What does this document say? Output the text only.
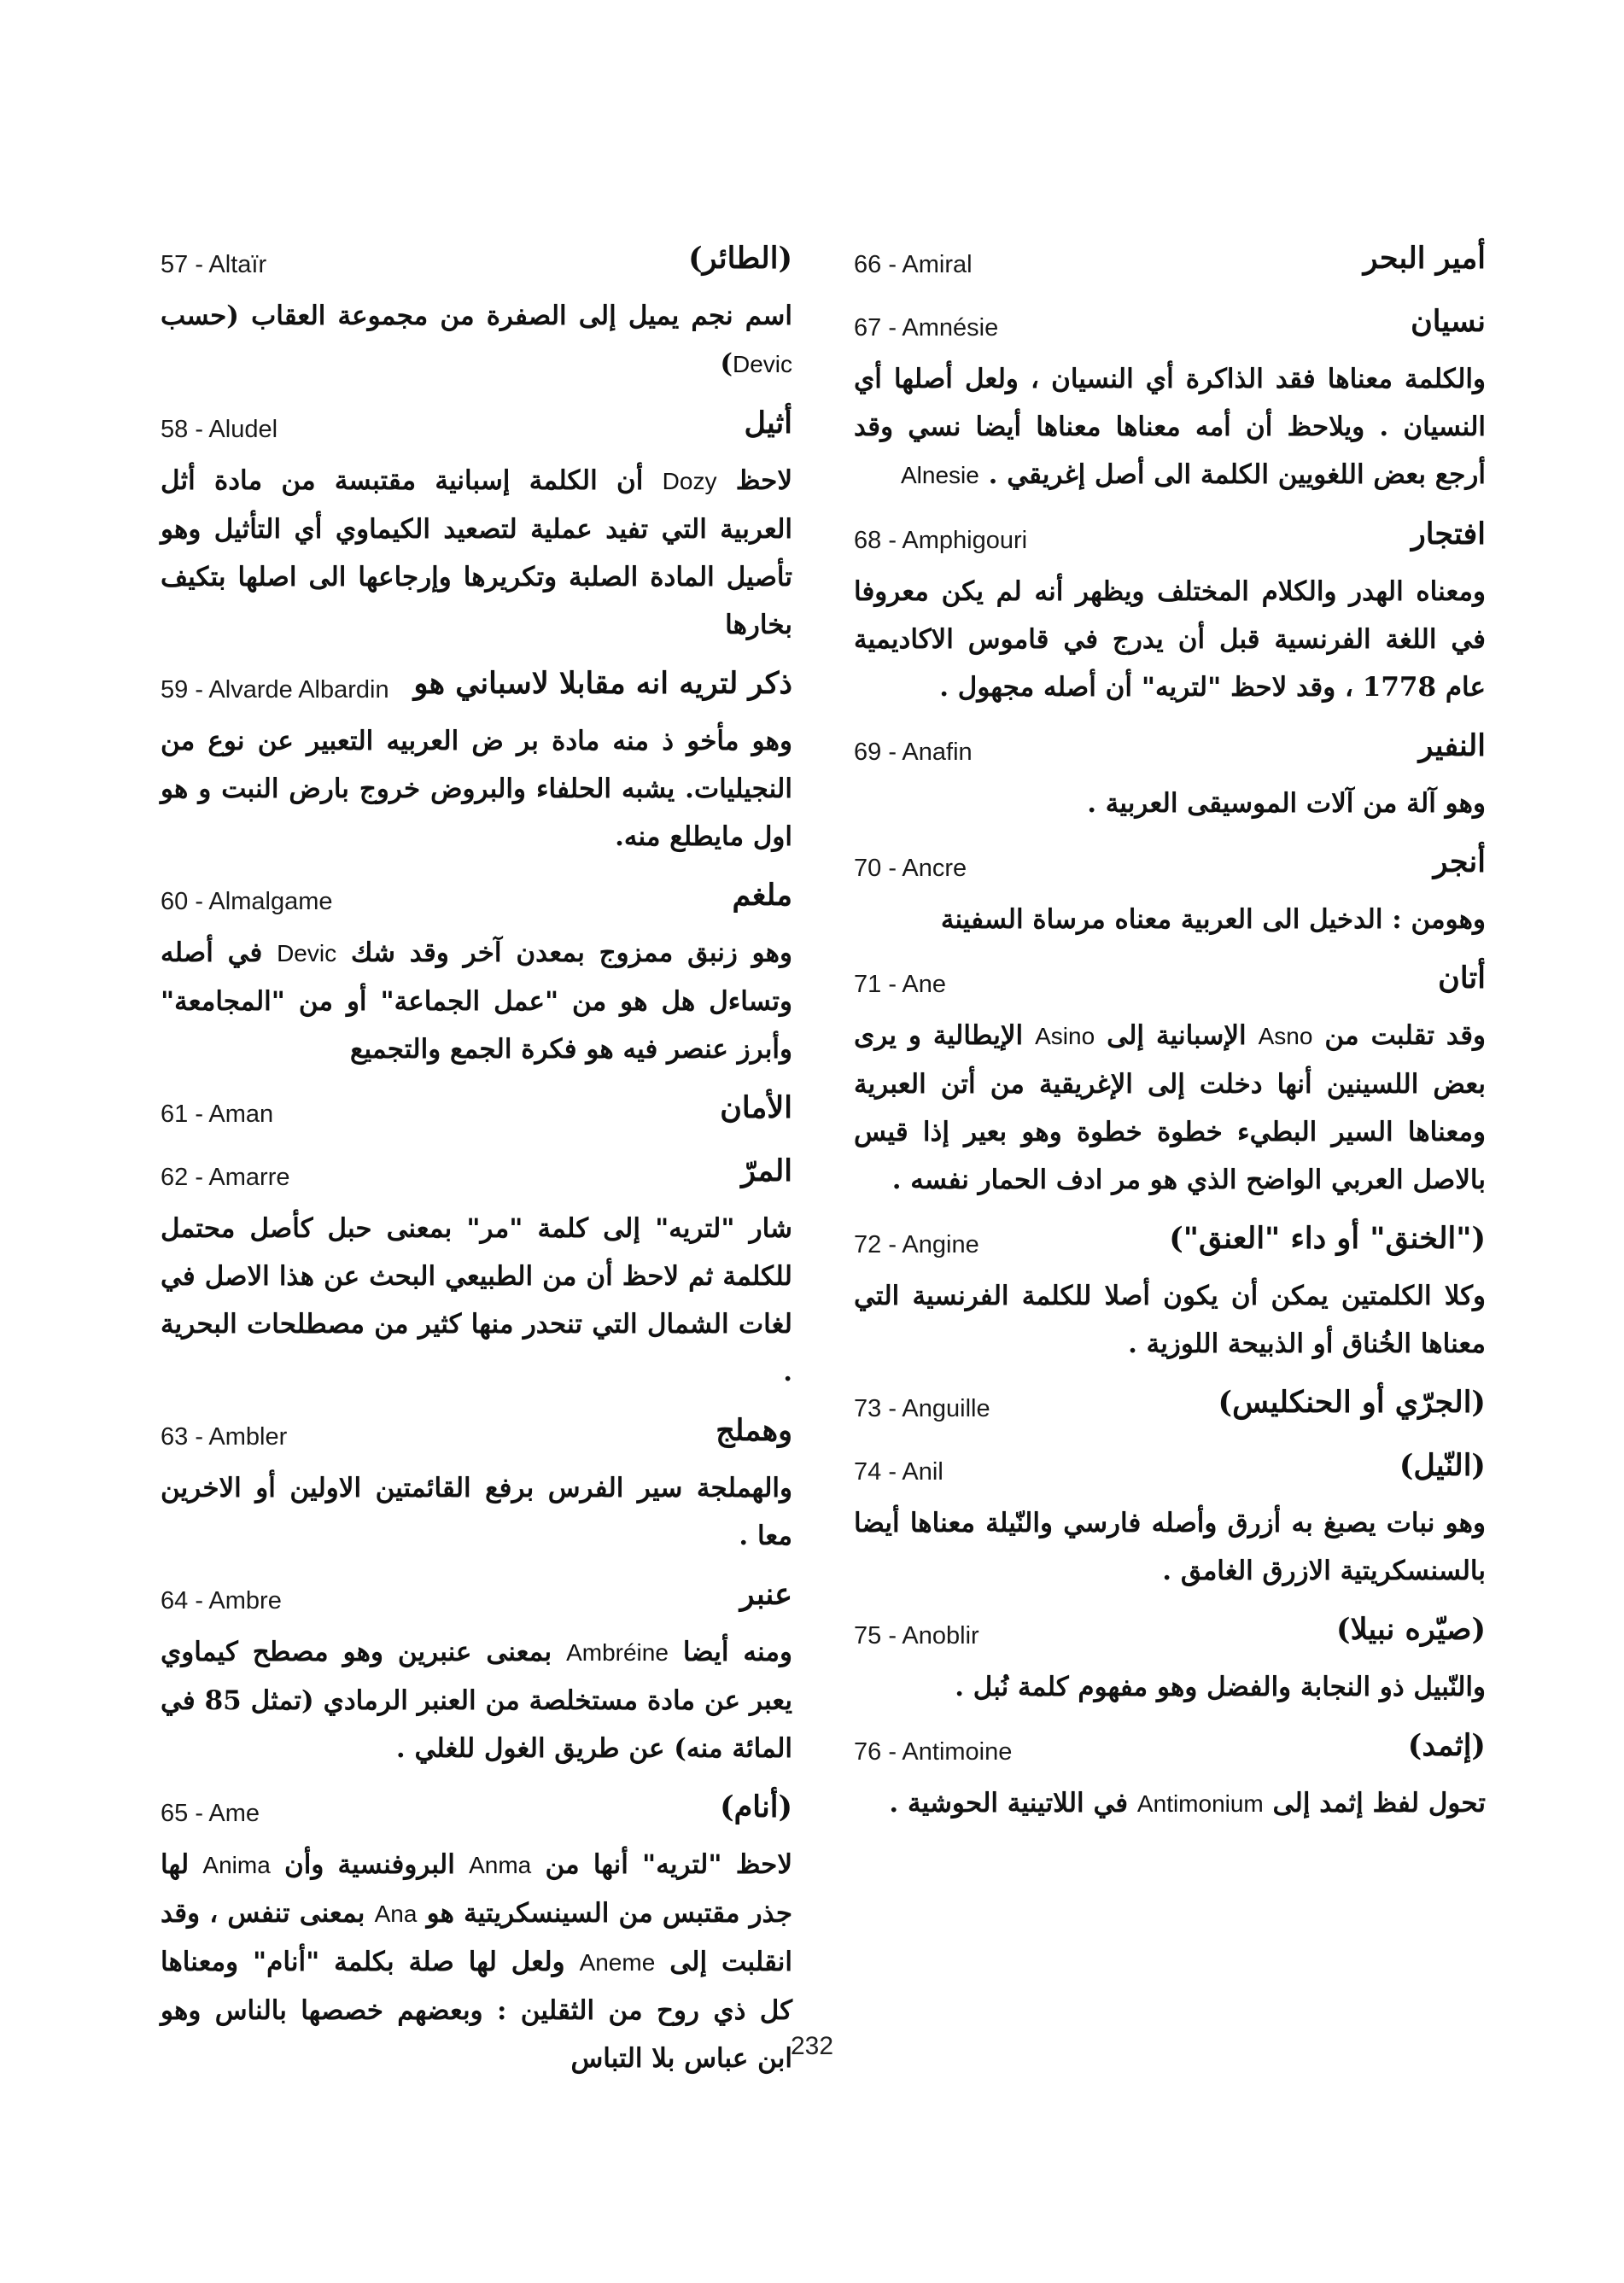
66 - Amiral	أمير البحر
67 - Amnésie	نسيان
والكلمة معناها فقد الذاكرة أي النسيان ، ولعل أصلها أي النسيان . ويلاحظ أن أمه معناها معناها أيضا نسي وقد أرجع بعض اللغويين الكلمة الى أصل إغريقي . Alnesie
68 - Amphigouri	افتجار
ومعناه الهدر والكلام المختلف ويظهر أنه لم يكن معروفا في اللغة الفرنسية قبل أن يدرج في قاموس الاكاديمية عام 1778 ، وقد لاحظ "لتريه" أن أصله مجهول .
69 - Anafin	النفير
وهو آلة من آلات الموسيقى العربية .
70 - Ancre	أنجر
وهومن : الدخيل الى العربية معناه مرساة السفينة
71 - Ane	أتان
وقد تقلبت من Asno الإسبانية إلى Asino الإيطالية و يرى بعض اللسينين أنها دخلت إلى الإغريقية من أتن العبرية ومعناها السير البطيء خطوة خطوة وهو بعير إذا قيس بالاصل العربي الواضح الذي هو مر ادف الحمار نفسه .
72 - Angine	("الخنق" أو داء "العنق")
وكلا الكلمتين يمكن أن يكون أصلا للكلمة الفرنسية التي معناها الخُناق أو الذبيحة اللوزية .
73 - Anguille	(الجرّي أو الحنكليس)
74 - Anil	(النّيل)
وهو نبات يصبغ به أزرق وأصله فارسي والنّيلة معناها أيضا بالسنسكريتية الازرق الغامق .
75 - Anoblir	(صيّره نبيلا)
والنّبيل ذو النجابة والفضل وهو مفهوم كلمة نُبل .
76 - Antimoine	(إثمد)
تحول لفظ إثمد إلى Antimonium في اللاتينية الحوشية .
57 - Altaïr	(الطائر)
اسم نجم يميل إلى الصفرة من مجموعة العقاب (حسب Devic)
58 - Aludel	أثيل
لاحظ Dozy أن الكلمة إسبانية مقتبسة من مادة أثل العربية التي تفيد عملية لتصعيد الكيماوي أي التأثيل وهو تأصيل المادة الصلبة وتكريرها وإرجاعها الى اصلها بتكيف بخارها
59 - Alvarde Albardin ذكر لتريه انه مقابلا لاسباني هو
وهو مأخو ذ منه مادة بر ض العربيه التعبير عن نوع من النجيليات. يشبه الحلفاء والبروض خروج بارض النبت و هو اول مايطلع منه.
60 - Almalgame	ملغم
وهو زنبق ممزوج بمعدن آخر وقد شك Devic في أصله وتساءل هل هو من "عمل الجماعة" أو من "المجامعة" وأبرز عنصر فيه هو فكرة الجمع والتجميع
61 - Aman	الأمان
62 - Amarre	المرّ
شار "لتريه" إلى كلمة "مر" بمعنى حبل كأصل محتمل للكلمة ثم لاحظ أن من الطبيعي البحث عن هذا الاصل في لغات الشمال التي تنحدر منها كثير من مصطلحات البحرية .
63 - Ambler	وهملج
والهملجة سير الفرس برفع القائمتين الاولين أو الاخرين معا .
64 - Ambre	عنبر
ومنه أيضا Ambréine بمعنى عنبرين وهو مصطح كيماوي يعبر عن مادة مستخلصة من العنبر الرمادي (تمثل 85 في المائة منه) عن طريق الغول للغلي .
65 - Ame	(أنام)
لاحظ "لتريه" أنها من Anma البروفنسية وأن Anima لها جذر مقتبس من السينسكريتية هو Ana بمعنى تنفس ، وقد انقلبت إلى Aneme ولعل لها صلة بكلمة "أنام" ومعناها كل ذي روح من الثقلين : وبعضهم خصصها بالناس وهو ابن عباس بلا التباس
232
